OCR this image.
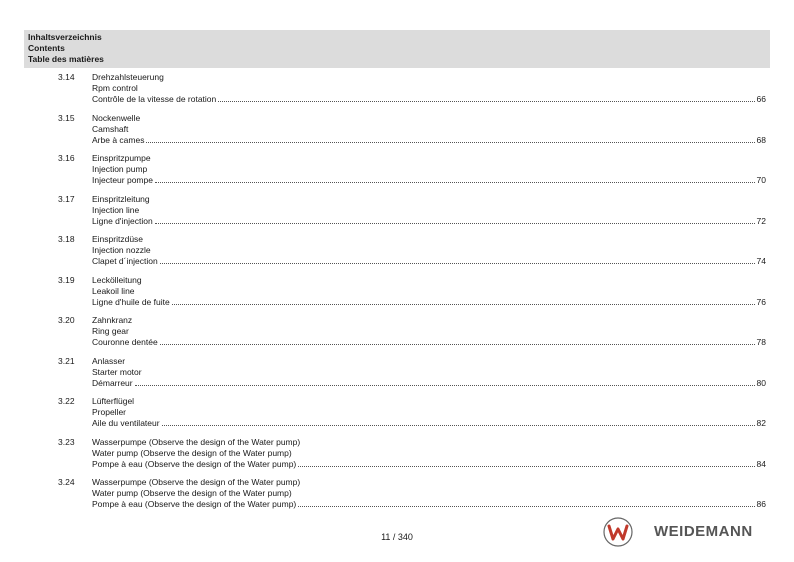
Inhaltsverzeichnis
Contents
Table des matières
3.14 Drehzahlsteuerung
Rpm control
Contrôle de la vitesse de rotation	66
3.15 Nockenwelle
Camshaft
Arbe à cames	68
3.16 Einspritzpumpe
Injection pump
Injecteur pompe	70
3.17 Einspritzleitung
Injection line
Ligne d'injection	72
3.18 Einspritzdüse
Injection nozzle
Clapet d´injection	74
3.19 Leckölleitung
Leakoil line
Ligne d'huile de fuite	76
3.20 Zahnkranz
Ring gear
Couronne dentée	78
3.21 Anlasser
Starter motor
Démarreur	80
3.22 Lüfterflügel
Propeller
Aile du ventilateur	82
3.23 Wasserpumpe (Observe the design of the Water pump)
Water pump (Observe the design of the Water pump)
Pompe à eau (Observe the design of the Water pump)	84
3.24 Wasserpumpe (Observe the design of the Water pump)
Water pump (Observe the design of the Water pump)
Pompe à eau (Observe the design of the Water pump)	86
11 / 340	WEIDEMANN
